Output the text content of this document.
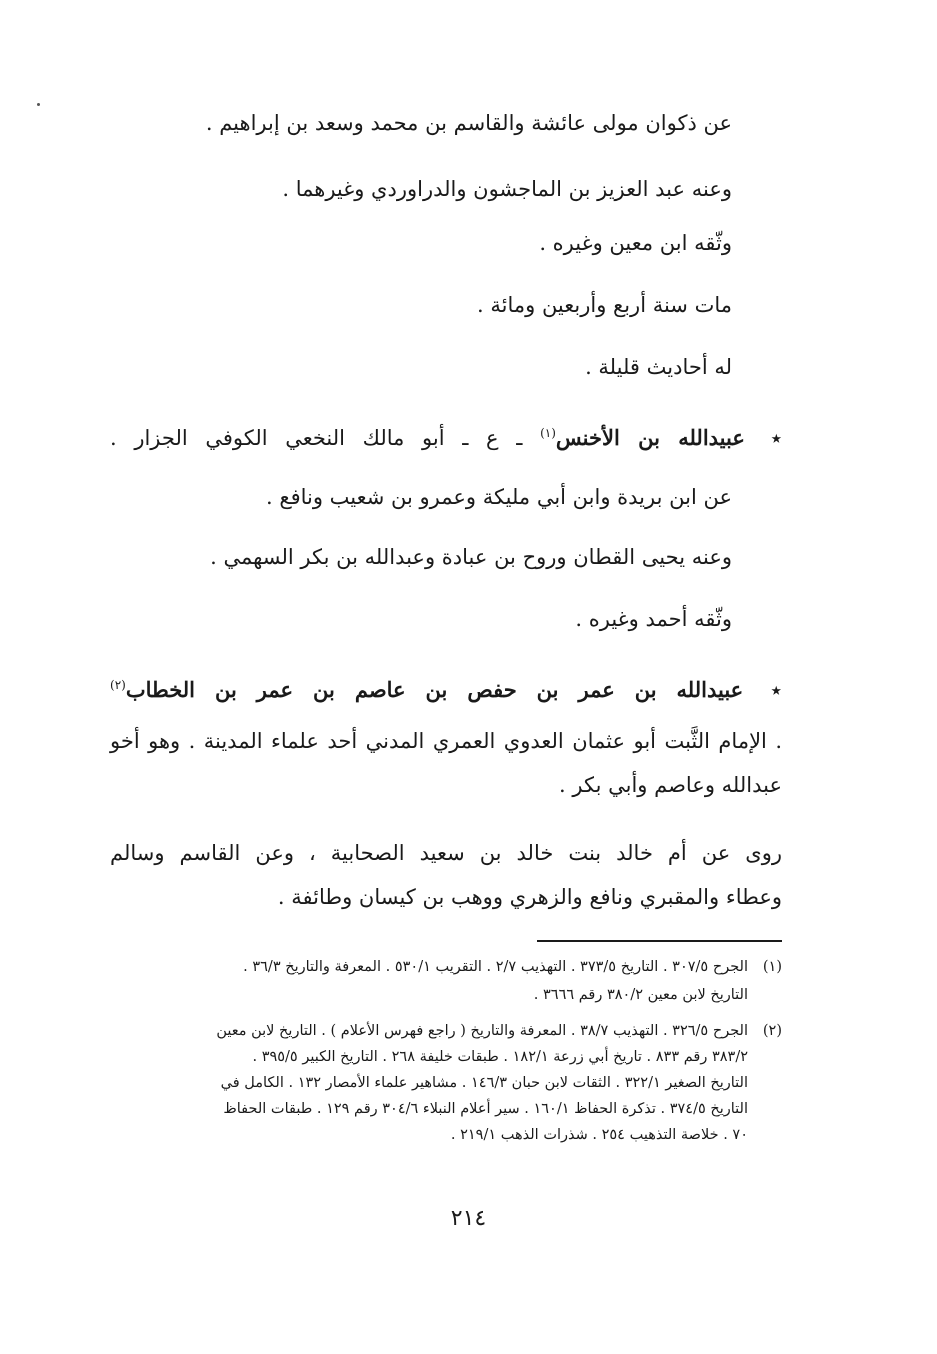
عن ذكوان مولى عائشة والقاسم بن محمد وسعد بن إبراهيم .
وعنه عبد العزيز بن الماجشون والدراوردي وغيرهما .
وثّقه ابن معين وغيره .
مات سنة أربع وأربعين ومائة .
له أحاديث قليلة .
٭ عبيدالله بن الأخنس$^{(١)}$ ـ ع ـ أبو مالك النخعي الكوفي الجزار .
عن ابن بريدة وابن أبي مليكة وعمرو بن شعيب ونافع .
وعنه يحيى القطان وروح بن عبادة وعبدالله بن بكر السهمي .
وثّقه أحمد وغيره .
٭ عبيدالله بن عمر بن حفص بن عاصم بن عمر بن الخطاب$^{(٢)}$
. الإمام الثَّبت أبو عثمان العدوي العمري المدني أحد علماء المدينة . وهو أخو
عبدالله وعاصم وأبي بكر .
روى عن أم خالد بنت خالد بن سعيد الصحابية ، وعن القاسم وسالم
وعطاء والمقبري ونافع والزهري ووهب بن كيسان وطائفة .
(١)الجرح ٣٠٧/٥ . التاريخ ٣٧٣/٥ . التهذيب ٢/٧ . التقريب ٥٣٠/١ . المعرفة والتاريخ ٣٦/٣ .
التاريخ لابن معين ٣٨٠/٢ رقم ٣٦٦٦ .
(٢)الجرح ٣٢٦/٥ . التهذيب ٣٨/٧ . المعرفة والتاريخ ( راجع فهرس الأعلام ) . التاريخ لابن معين
٣٨٣/٢ رقم ٨٣٣ . تاريخ أبي زرعة ١٨٢/١ . طبقات خليفة ٢٦٨ . التاريخ الكبير ٣٩٥/٥ .
التاريخ الصغير ٣٢٢/١ . الثقات لابن حبان ١٤٦/٣ . مشاهير علماء الأمصار ١٣٢ . الكامل في
التاريخ ٣٧٤/٥ . تذكرة الحفاظ ١٦٠/١ . سير أعلام النبلاء ٣٠٤/٦ رقم ١٢٩ . طبقات الحفاظ
٧٠ . خلاصة التذهيب ٢٥٤ . شذرات الذهب ٢١٩/١ .
٢١٤
